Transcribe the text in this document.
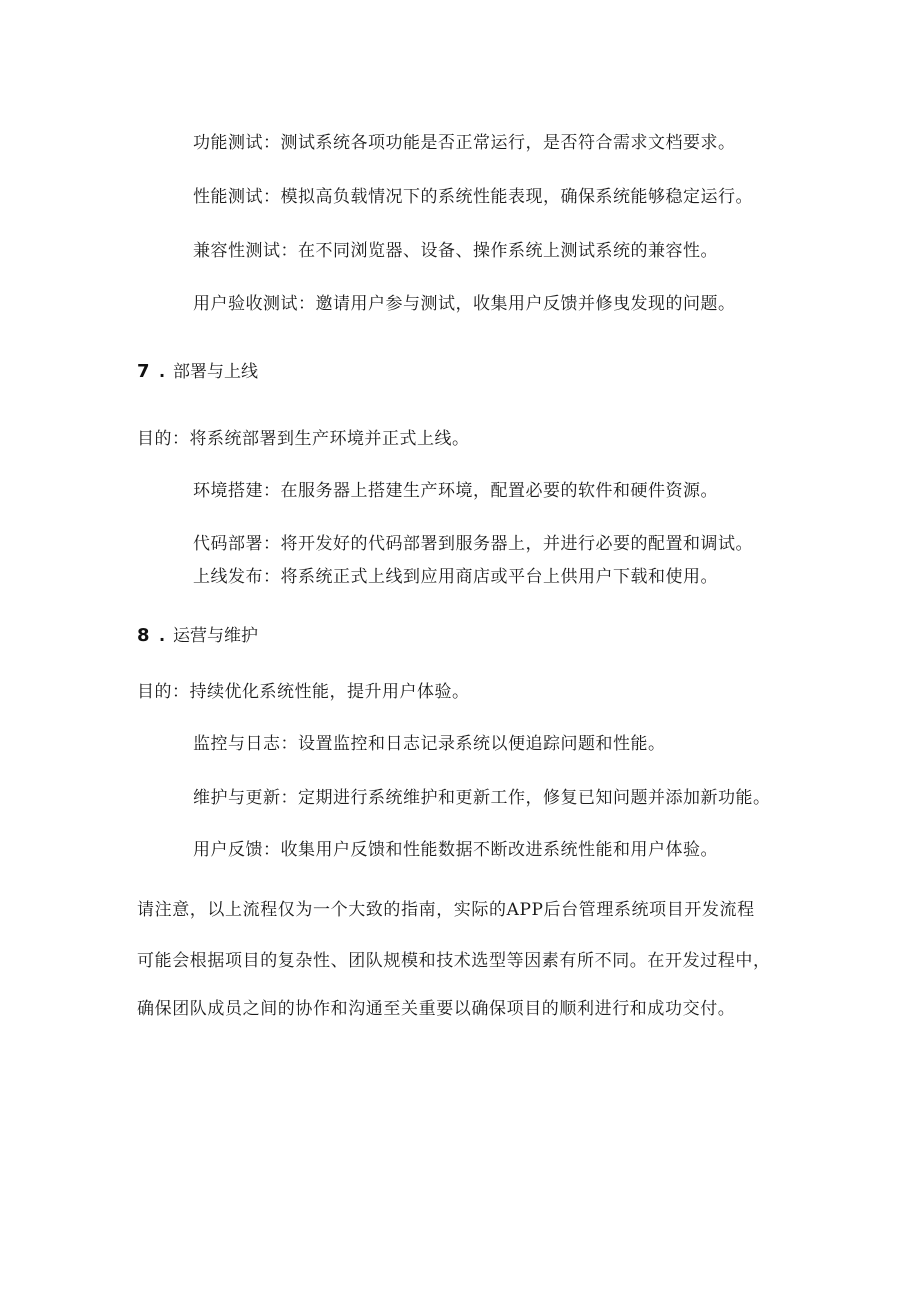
功能测试：测试系统各项功能是否正常运行，是否符合需求文档要求。
性能测试：模拟高负载情况下的系统性能表现，确保系统能够稳定运行。
兼容性测试：在不同浏览器、设备、操作系统上测试系统的兼容性。
用户验收测试：邀请用户参与测试，收集用户反馈并修曳发现的问题。
7 . 部署与上线
目的：将系统部署到生产环境并正式上线。
环境搭建：在服务器上搭建生产环境，配置必要的软件和硬件资源。
代码部署：将开发好的代码部署到服务器上，并进行必要的配置和调试。
上线发布：将系统正式上线到应用商店或平台上供用户下载和使用。
8 . 运营与维护
目的：持续优化系统性能，提升用户体验。
监控与日志：设置监控和日志记录系统以便追踪问题和性能。
维护与更新：定期进行系统维护和更新工作，修复已知问题并添加新功能。
用户反馈：收集用户反馈和性能数据不断改进系统性能和用户体验。
请注意，以上流程仅为一个大致的指南，实际的APP后台管理系统项目开发流程
可能会根据项目的复杂性、团队规模和技术选型等因素有所不同。在开发过程中，
确保团队成员之间的协作和沟通至关重要以确保项目的顺利进行和成功交付。
